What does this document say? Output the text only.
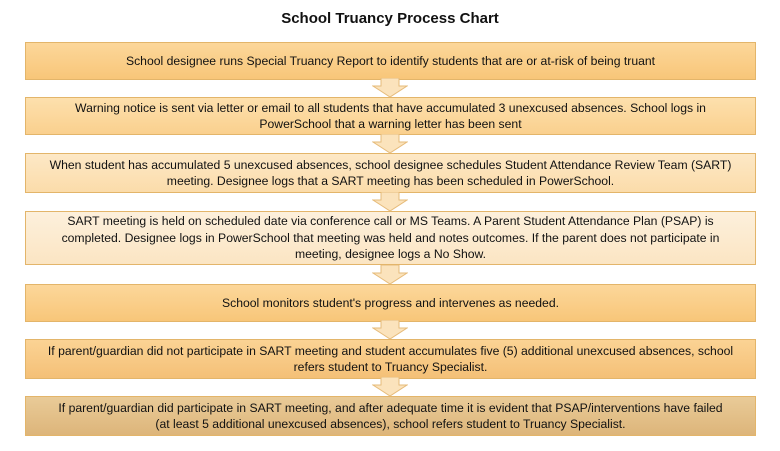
School Truancy Process Chart
School designee runs Special Truancy Report to identify students that are or at-risk of being truant
Warning notice is sent via letter or email to all students that have accumulated 3 unexcused absences. School logs in
PowerSchool that a warning letter has been sent
When student has accumulated 5 unexcused absences, school designee schedules Student Attendance Review Team (SART)
meeting. Designee logs that a SART meeting has been scheduled in PowerSchool.
SART meeting is held on scheduled date via conference call or MS Teams. A Parent Student Attendance Plan (PSAP) is
completed. Designee logs in PowerSchool that meeting was held and notes outcomes. If the parent does not participate in
meeting, designee logs a No Show.
School monitors student's progress and intervenes as needed.
If parent/guardian did not participate in SART meeting and student accumulates five (5) additional unexcused absences, school
refers student to Truancy Specialist.
If parent/guardian did participate in SART meeting, and after adequate time it is evident that PSAP/interventions have failed
(at least 5 additional unexcused absences), school refers student to Truancy Specialist.
